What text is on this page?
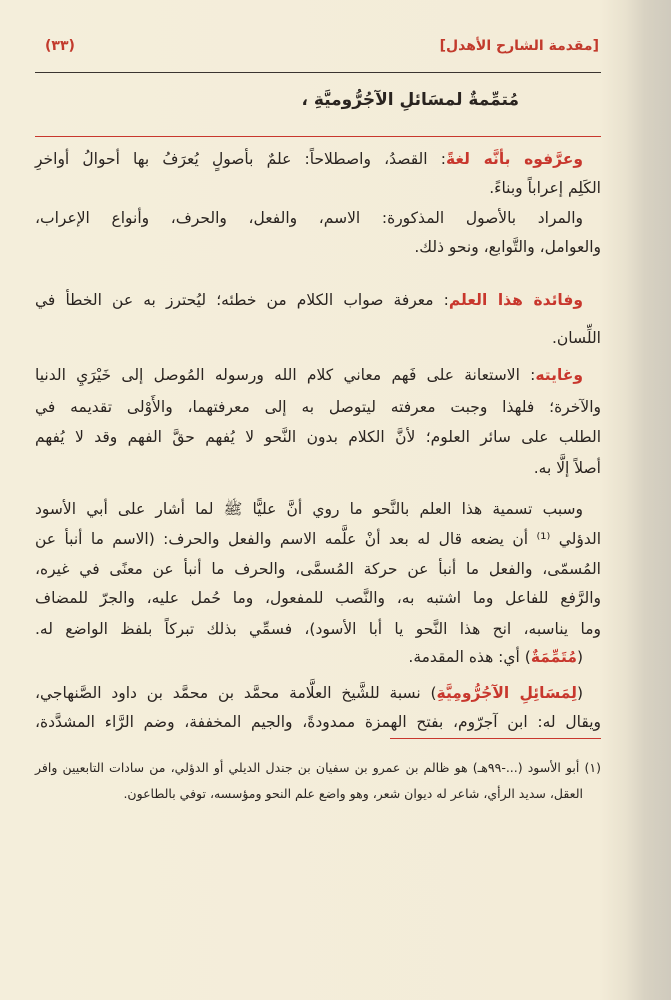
[مقدمة الشارح الأهدل]
(٣٣)
مُتمِّمةٌ لمسَائلِ الآجُرُّوميَّةِ ،
وعرَّفوه بأنَّه لغةً: القصدُ، واصطلاحاً: علمٌ بأصولٍ يُعرَفُ بها أحوالُ أواخرِ
الكَلِم إعراباً وبناءً.
والمراد بالأصول المذكورة: الاسم، والفعل، والحرف، وأنواع الإعراب،
والعوامل، والتَّوابع، ونحو ذلك.
وفائدة هذا العلم: معرفة صواب الكلام من خطئه؛ ليُحترز به عن الخطأ في
اللِّسان.
وغايته: الاستعانة على فَهم معاني كلام الله ورسوله المُوصل إلى خَيْرَيِ الدنيا
والآخرة؛ فلهذا وجبت معرفته ليتوصل به إلى معرفتهما، والأَوْلى تقديمه في
الطلب على سائر العلوم؛ لأنَّ الكلام بدون النَّحو لا يُفهم حقَّ الفهم وقد لا يُفهم
أصلاً إلَّا به.
وسبب تسمية هذا العلم بالنَّحو ما روي أنَّ عليًّا ﷺ لما أشار على أبي الأسود
الدؤلي ⁽¹⁾ أن يضعه قال له بعد أنْ علَّمه الاسم والفعل والحرف: (الاسم ما أنبأ عن
المُسمّى، والفعل ما أنبأ عن حركة المُسمَّى، والحرف ما أنبأ عن معنًى في غيره،
والرَّفع للفاعل وما اشتبه به، والنَّصب للمفعول، وما حُمل عليه، والجرّ للمضاف
وما يناسبه، انح هذا النَّحو يا أبا الأسود)، فسمِّي بذلك تبركاً بلفظ الواضع له.
(مُتَمِّمَةٌ) أي: هذه المقدمة.
(لِمَسَائِلِ الآجُرُّومِيَّةِ) نسبة للشَّيخ العلَّامة محمَّد بن محمَّد بن داود الصَّنهاجي،
ويقال له: ابن آجرّوم، بفتح الهمزة ممدودةً، والجيم المخففة، وضم الرَّاء المشدَّدة،
(١) أبو الأسود (...-٩٩هـ) هو ظالم بن عمرو بن سفيان بن جندل الديلي أو الدؤلي، من سادات التابعيين وافر
العقل، سديد الرأي، شاعر له ديوان شعر، وهو واضع علم النحو ومؤسسه، توفي بالطاعون.
